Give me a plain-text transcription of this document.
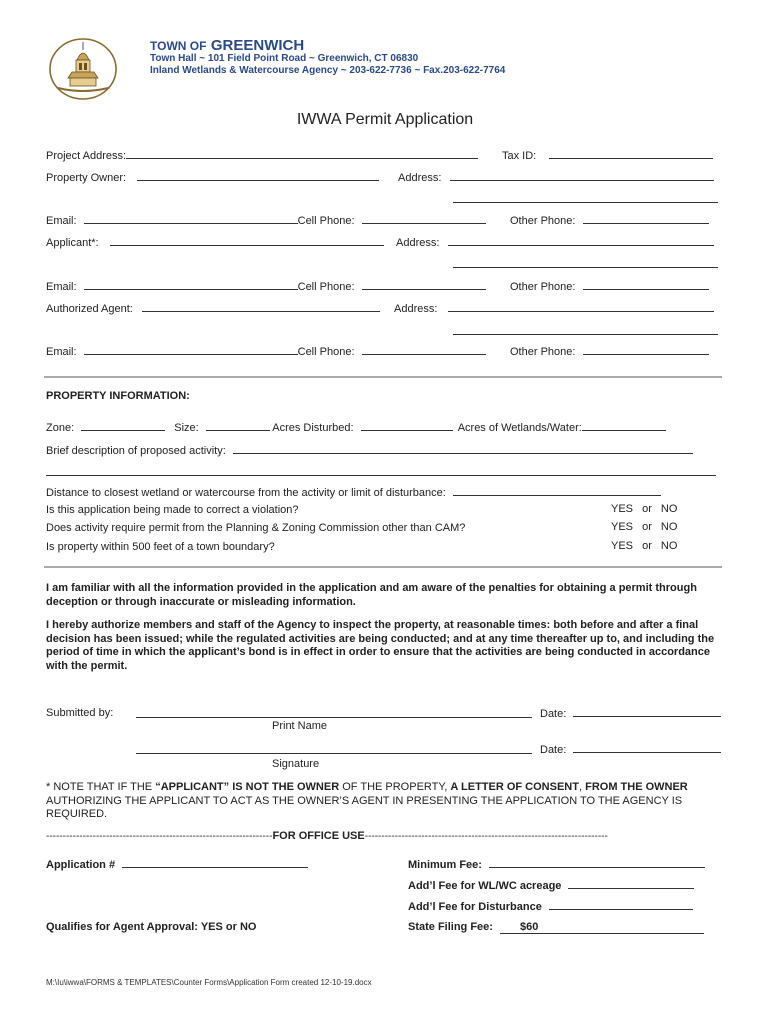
TOWN OF GREENWICH
Town Hall ~ 101 Field Point Road ~ Greenwich, CT 06830
Inland Wetlands & Watercourse Agency ~ 203-622-7736 ~ Fax.203-622-7764
IWWA Permit Application
Project Address:	Tax ID:
Property Owner:	Address:
Email:	Cell Phone:	Other Phone:
Applicant*:	Address:
Email:	Cell Phone:	Other Phone:
Authorized Agent:	Address:
Email:	Cell Phone:	Other Phone:
PROPERTY INFORMATION:
Zone:	Size:	Acres Disturbed:	Acres of Wetlands/Water:
Brief description of proposed activity:
Distance to closest wetland or watercourse from the activity or limit of disturbance:
Is this application being made to correct a violation?	YES or NO
Does activity require permit from the Planning & Zoning Commission other than CAM?	YES or NO
Is property within 500 feet of a town boundary?	YES or NO
I am familiar with all the information provided in the application and am aware of the penalties for obtaining a permit through deception or through inaccurate or misleading information.
I hereby authorize members and staff of the Agency to inspect the property, at reasonable times: both before and after a final decision has been issued; while the regulated activities are being conducted; and at any time thereafter up to, and including the period of time in which the applicant’s bond is in effect in order to ensure that the activities are being conducted in accordance with the permit.
Submitted by:	Date:
Print Name
Date:
Signature
* NOTE THAT IF THE “APPLICANT” IS NOT THE OWNER OF THE PROPERTY, A LETTER OF CONSENT, FROM THE OWNER AUTHORIZING THE APPLICANT TO ACT AS THE OWNER’S AGENT IN PRESENTING THE APPLICATION TO THE AGENCY IS REQUIRED.
--------------------------------------------------------------------FOR OFFICE USE-------------------------------------------------------------------------
Application #	Minimum Fee:
Add’l Fee for WL/WC acreage
Add’l Fee for Disturbance
Qualifies for Agent Approval: YES or NO	State Filing Fee: $60
M:\Iu\iwwa\FORMS & TEMPLATES\Counter Forms\Application Form created 12-10-19.docx
